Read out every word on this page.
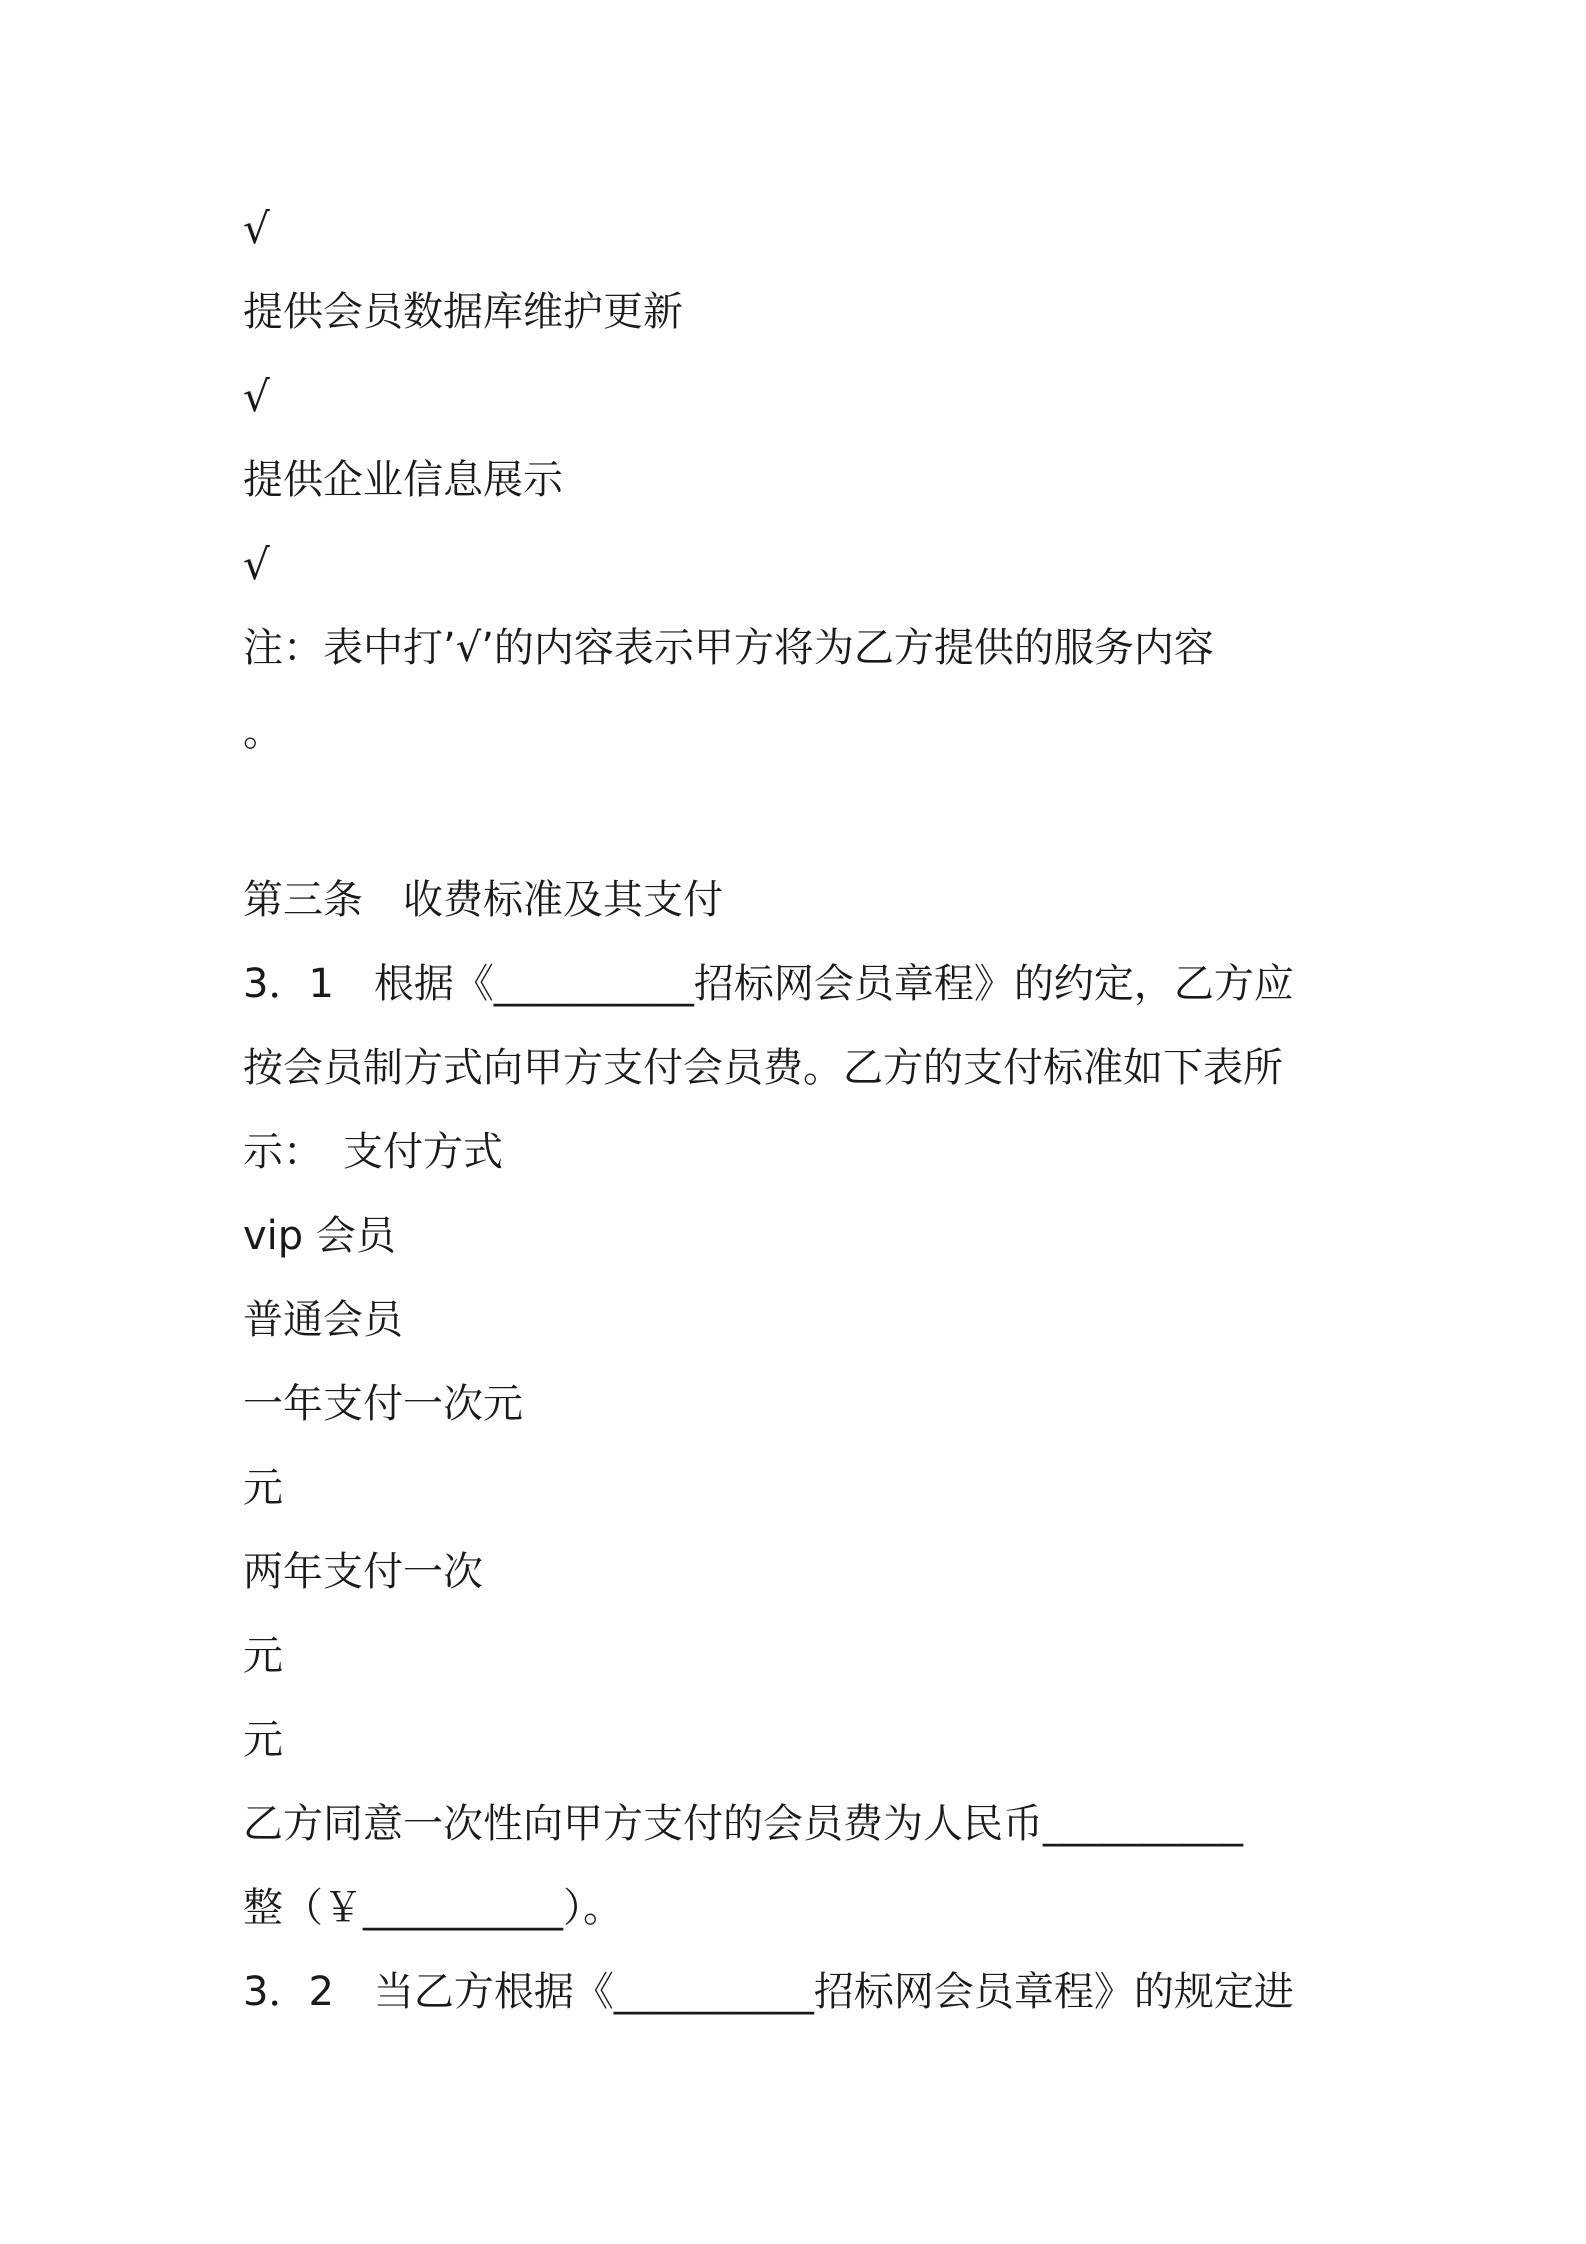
√

提供会员数据库维护更新

√

提供企业信息展示

√

注：表中打’√’的内容表示甲方将为乙方提供的服务内容

。

第三条　收费标准及其支付

3．1　根据《__________招标网会员章程》的约定，乙方应

按会员制方式向甲方支付会员费。乙方的支付标准如下表所

示：　支付方式

vip 会员

普通会员

一年支付一次元

元

两年支付一次

元

元

乙方同意一次性向甲方支付的会员费为人民币__________

整（￥__________）。

3．2　当乙方根据《__________招标网会员章程》的规定进
